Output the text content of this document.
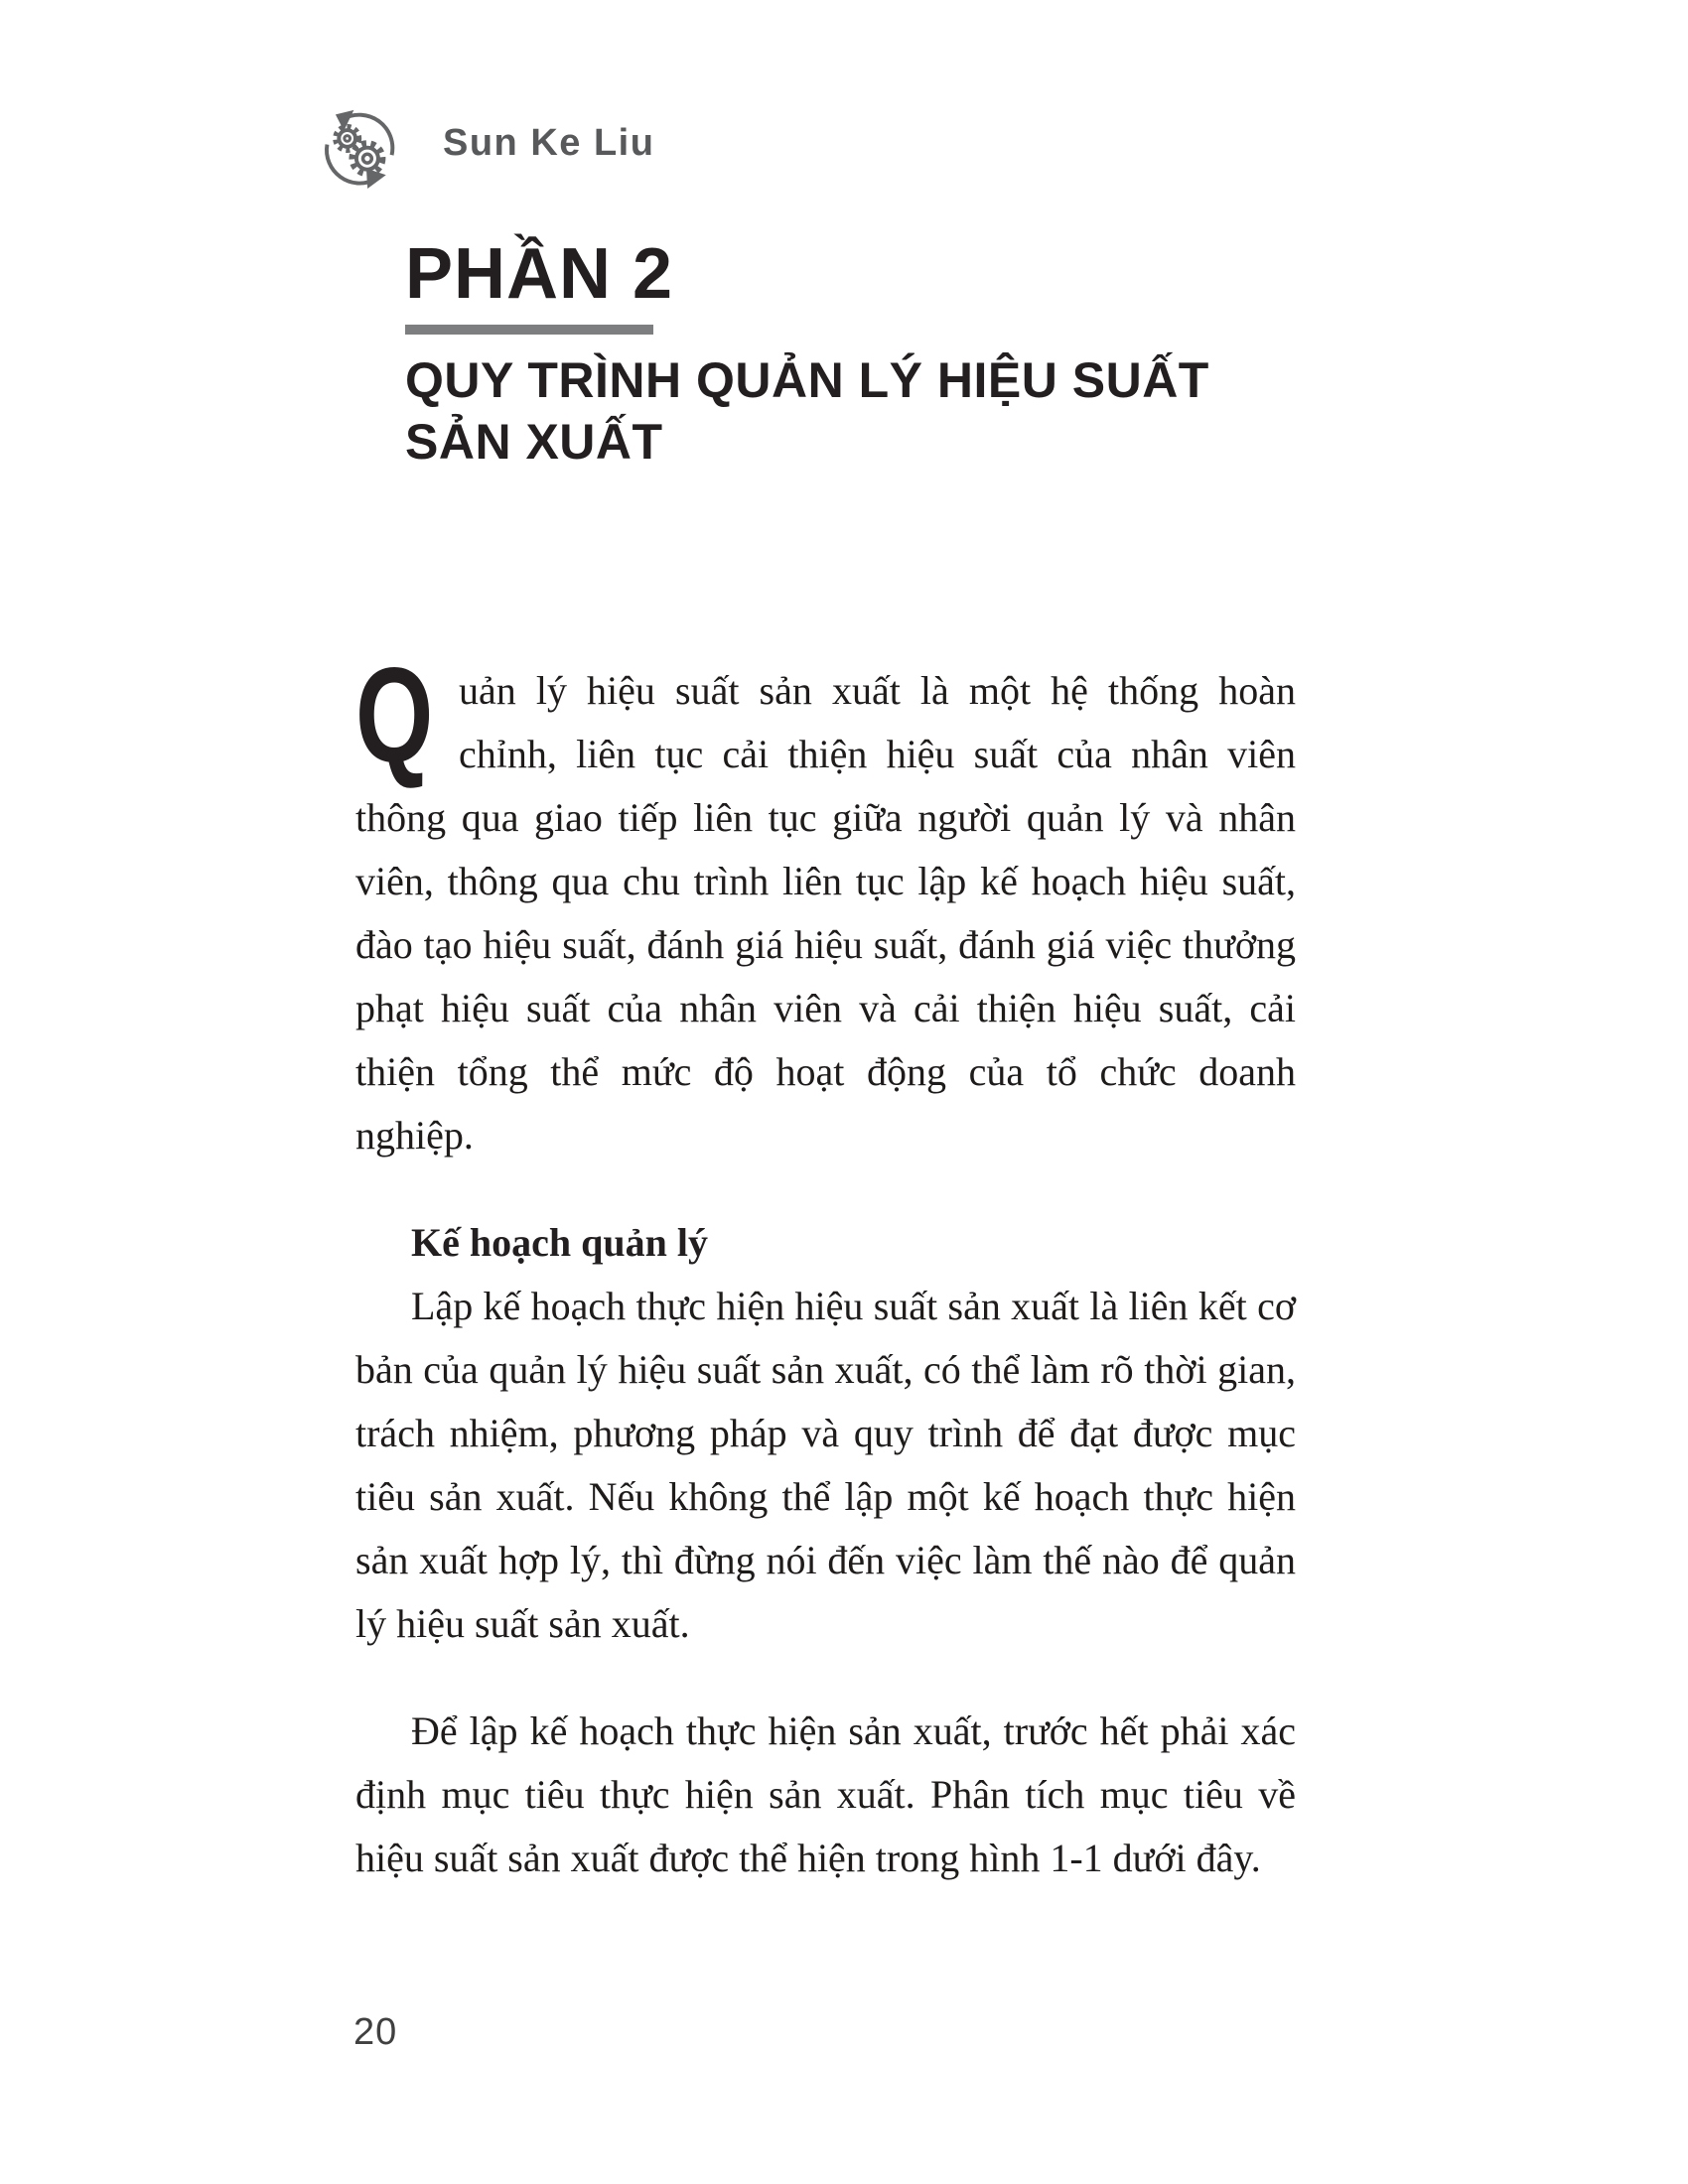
Sun Ke Liu
PHẦN 2
QUY TRÌNH QUẢN LÝ HIỆU SUẤT
SẢN XUẤT

Quản lý hiệu suất sản xuất là một hệ thống hoàn chỉnh, liên tục cải thiện hiệu suất của nhân viên thông qua giao tiếp liên tục giữa người quản lý và nhân viên, thông qua chu trình liên tục lập kế hoạch hiệu suất, đào tạo hiệu suất, đánh giá hiệu suất, đánh giá việc thưởng phạt hiệu suất của nhân viên và cải thiện hiệu suất, cải thiện tổng thể mức độ hoạt động của tổ chức doanh nghiệp.

Kế hoạch quản lý

Lập kế hoạch thực hiện hiệu suất sản xuất là liên kết cơ bản của quản lý hiệu suất sản xuất, có thể làm rõ thời gian, trách nhiệm, phương pháp và quy trình để đạt được mục tiêu sản xuất. Nếu không thể lập một kế hoạch thực hiện sản xuất hợp lý, thì đừng nói đến việc làm thế nào để quản lý hiệu suất sản xuất.

Để lập kế hoạch thực hiện sản xuất, trước hết phải xác định mục tiêu thực hiện sản xuất. Phân tích mục tiêu về hiệu suất sản xuất được thể hiện trong hình 1-1 dưới đây.

20
